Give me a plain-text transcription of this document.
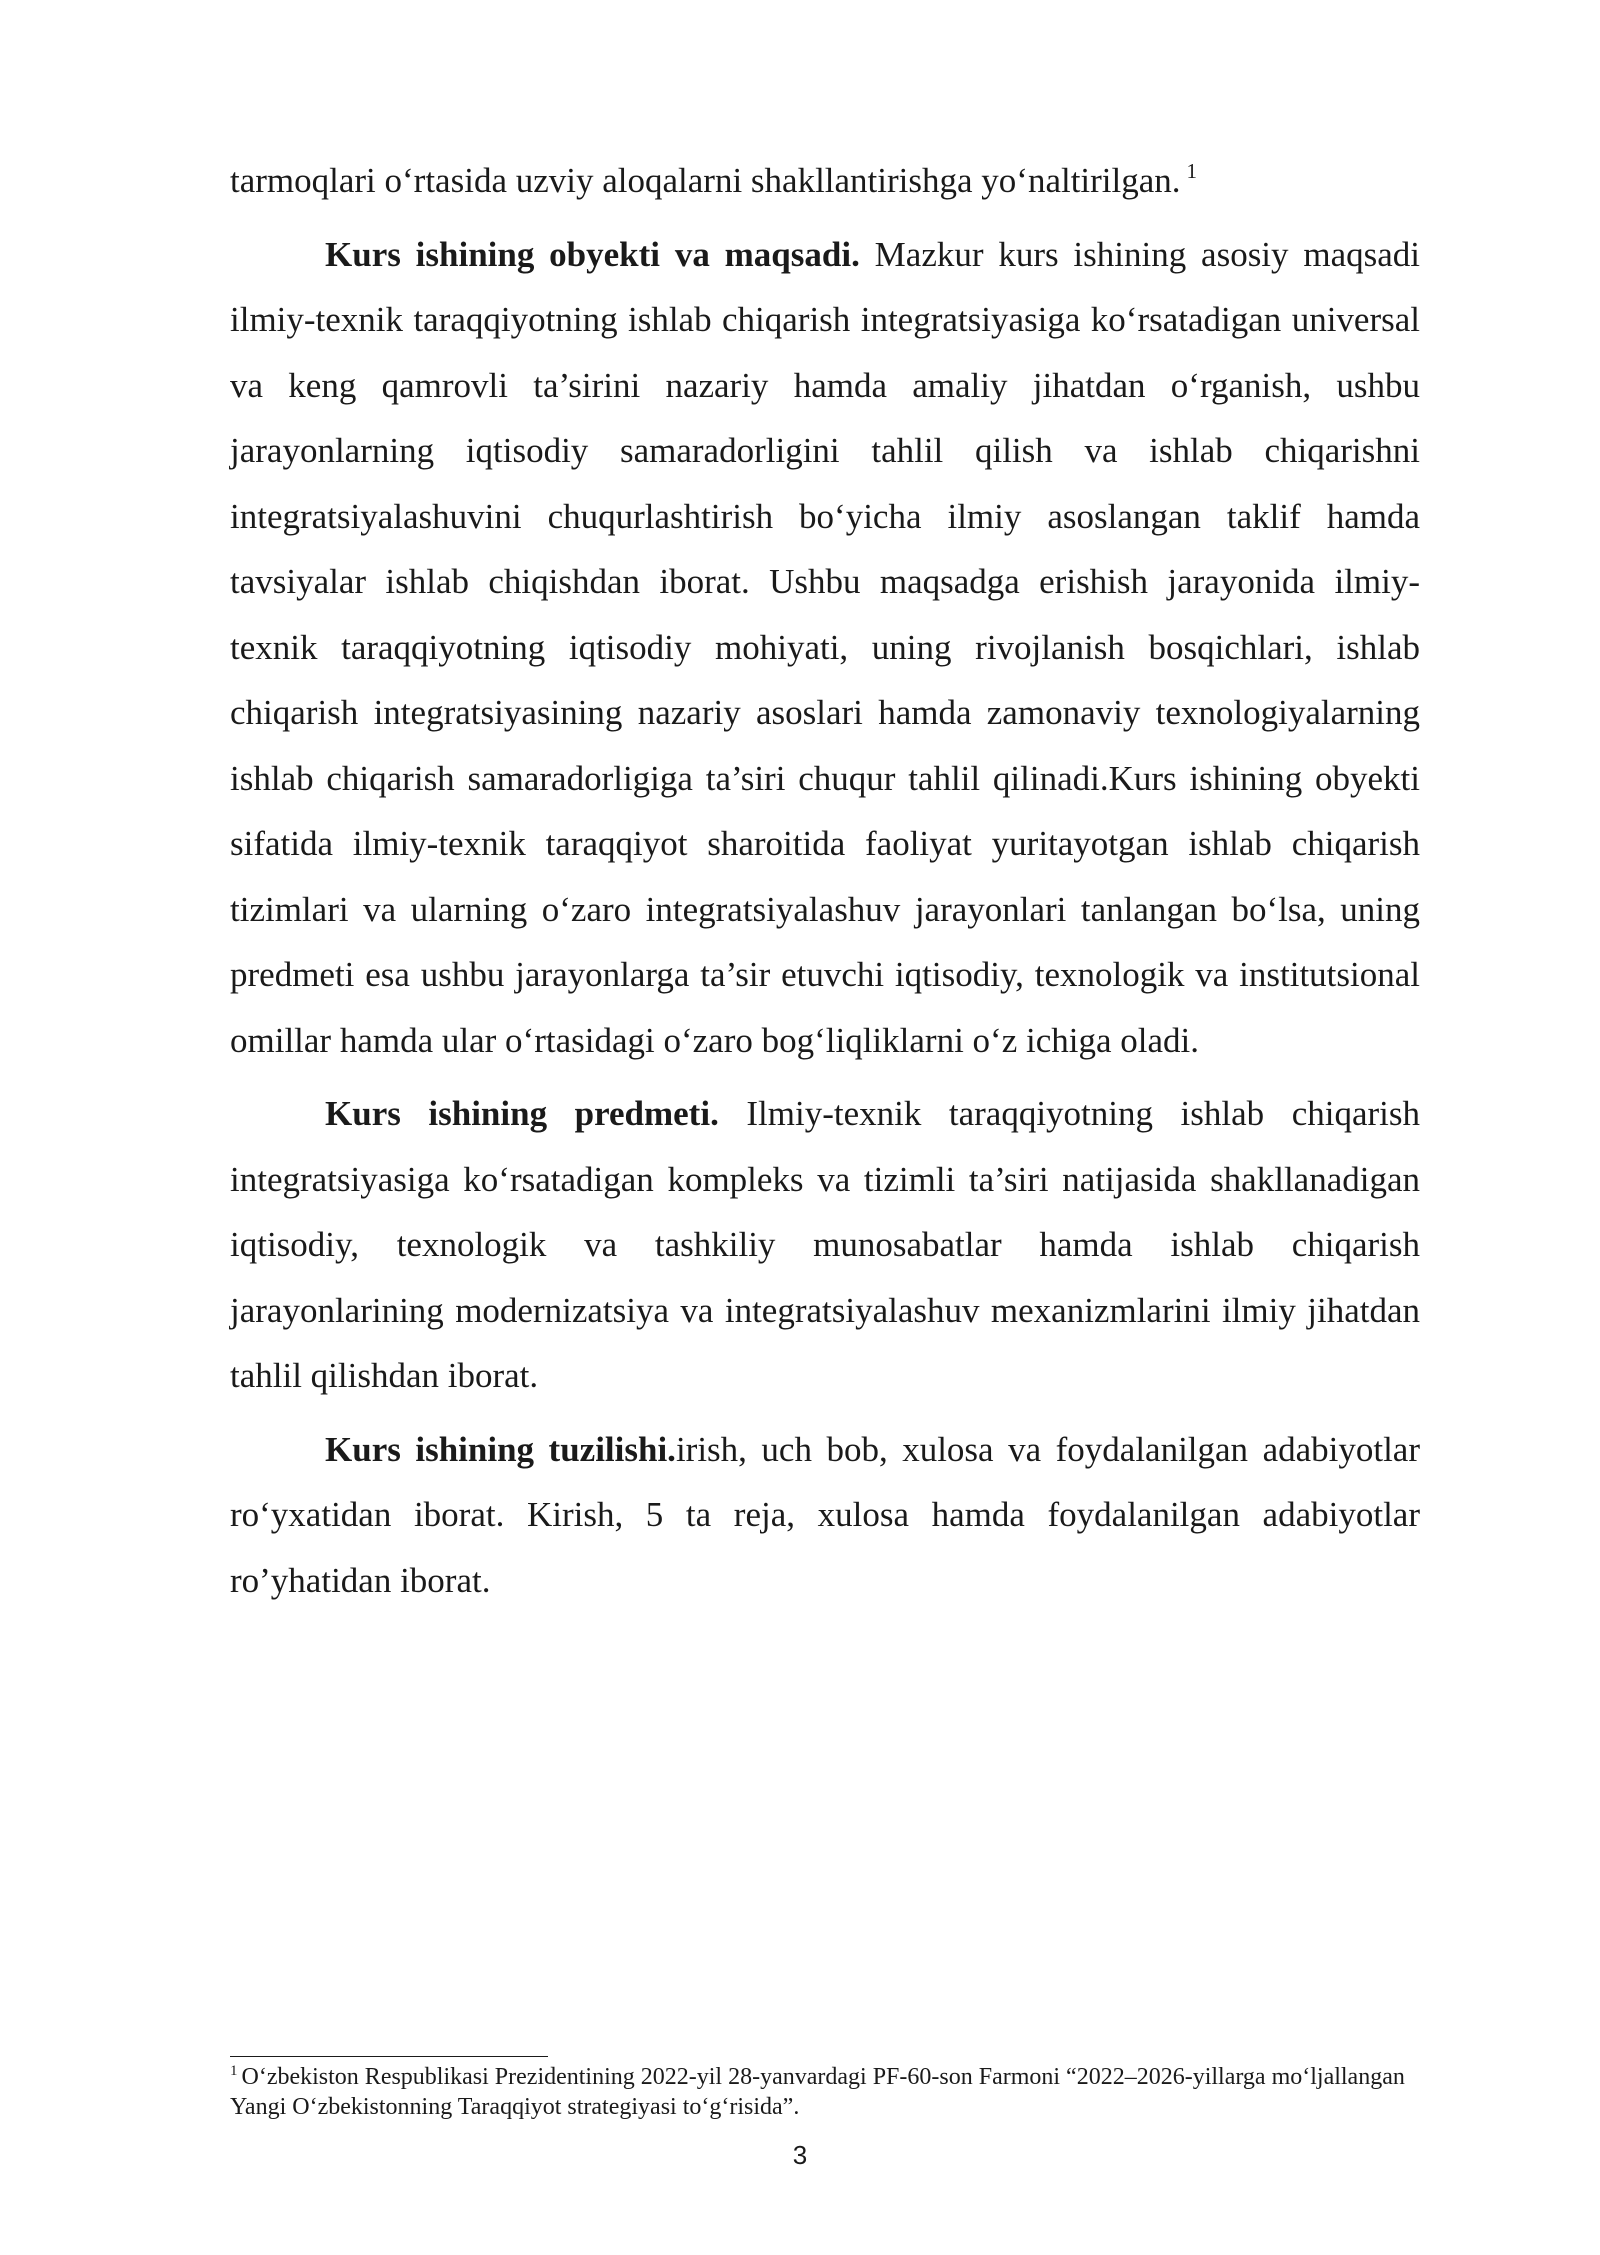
tarmoqlari o‘rtasida uzviy aloqalarni shakllantirishga yo‘naltirilgan. $^1$

Kurs ishining obyekti va maqsadi. Mazkur kurs ishining asosiy maqsadi ilmiy-texnik taraqqiyotning ishlab chiqarish integratsiyasiga ko‘rsatadigan universal va keng qamrovli ta’sirini nazariy hamda amaliy jihatdan o‘rganish, ushbu jarayonlarning iqtisodiy samaradorligini tahlil qilish va ishlab chiqarishni integratsiyalashuvini chuqurlashtirish bo‘yicha ilmiy asoslangan taklif hamda tavsiyalar ishlab chiqishdan iborat. Ushbu maqsadga erishish jarayonida ilmiy-texnik taraqqiyotning iqtisodiy mohiyati, uning rivojlanish bosqichlari, ishlab chiqarish integratsiyasining nazariy asoslari hamda zamonaviy texnologiyalarning ishlab chiqarish samaradorligiga ta’siri chuqur tahlil qilinadi.Kurs ishining obyekti sifatida ilmiy-texnik taraqqiyot sharoitida faoliyat yuritayotgan ishlab chiqarish tizimlari va ularning o‘zaro integratsiyalashuv jarayonlari tanlangan bo‘lsa, uning predmeti esa ushbu jarayonlarga ta’sir etuvchi iqtisodiy, texnologik va institutsional omillar hamda ular o‘rtasidagi o‘zaro bog‘liqliklarni o‘z ichiga oladi.

Kurs ishining predmeti. Ilmiy-texnik taraqqiyotning ishlab chiqarish integratsiyasiga ko‘rsatadigan kompleks va tizimli ta’siri natijasida shakllanadigan iqtisodiy, texnologik va tashkiliy munosabatlar hamda ishlab chiqarish jarayonlarining modernizatsiya va integratsiyalashuv mexanizmlarini ilmiy jihatdan tahlil qilishdan iborat.

Kurs ishining tuzilishi.irish, uch bob, xulosa va foydalanilgan adabiyotlar ro‘yxatidan iborat. Kirish, 5 ta reja, xulosa hamda foydalanilgan adabiyotlar ro’yhatidan iborat.

$^1$ O‘zbekiston Respublikasi Prezidentining 2022-yil 28-yanvardagi PF-60-son Farmoni “2022–2026-yillarga mo‘ljallangan Yangi O‘zbekistonning Taraqqiyot strategiyasi to‘g‘risida”.

3
